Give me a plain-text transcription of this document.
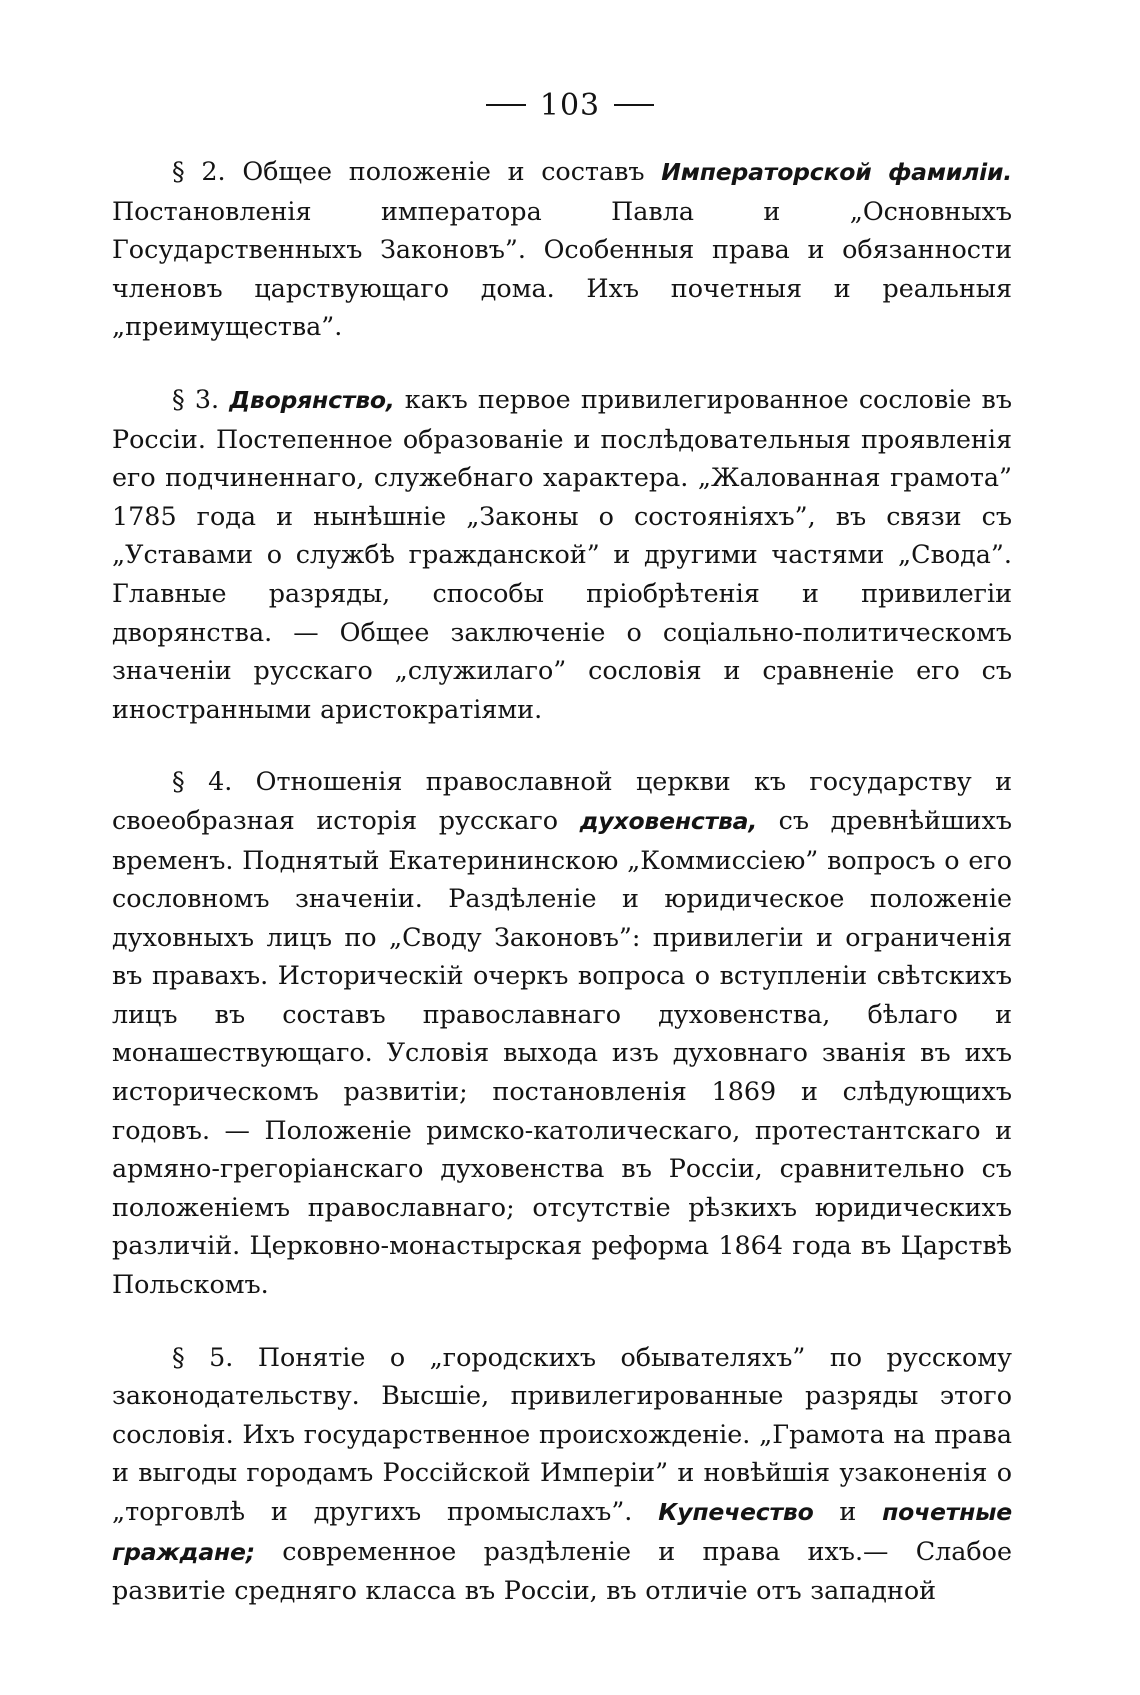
103

§ 2. Общее положеніе и составъ Императорской фамиліи. Постановленія императора Павла и „Основныхъ Государственныхъ Законовъ”. Особенныя права и обязанности членовъ царствующаго дома. Ихъ почетныя и реальныя „преимущества”.

§ 3. Дворянство, какъ первое привилегированное сословіе въ Россіи. Постепенное образованіе и послѣдовательныя проявленія его подчиненнаго, служебнаго характера. „Жалованная грамота” 1785 года и нынѣшніе „Законы о состояніяхъ”, въ связи съ „Уставами о службѣ гражданской” и другими частями „Свода”. Главные разряды, способы пріобрѣтенія и привилегіи дворянства. — Общее заключеніе о соціально-политическомъ значеніи русскаго „служилаго” сословія и сравненіе его съ иностранными аристократіями.

§ 4. Отношенія православной церкви къ государству и своеобразная исторія русскаго духовенства, съ древнѣйшихъ временъ. Поднятый Екатерининскою „Коммиссіею” вопросъ о его сословномъ значеніи. Раздѣленіе и юридическое положеніе духовныхъ лицъ по „Своду Законовъ”: привилегіи и ограниченія въ правахъ. Историческій очеркъ вопроса о вступленіи свѣтскихъ лицъ въ составъ православнаго духовенства, бѣлаго и монашествующаго. Условія выхода изъ духовнаго званія въ ихъ историческомъ развитіи; постановленія 1869 и слѣдующихъ годовъ. — Положеніе римско-католическаго, протестантскаго и армяно-грегоріанскаго духовенства въ Россіи, сравнительно съ положеніемъ православнаго; отсутствіе рѣзкихъ юридическихъ различій. Церковно-монастырская реформа 1864 года въ Царствѣ Польскомъ.

§ 5. Понятіе о „городскихъ обывателяхъ” по русскому законодательству. Высшіе, привилегированные разряды этого сословія. Ихъ государственное происхожденіе. „Грамота на права и выгоды городамъ Россійской Имперіи” и новѣйшія узаконенія о „торговлѣ и другихъ промыслахъ”. Купечество и почетные граждане; современное раздѣленіе и права ихъ.— Слабое развитіе средняго класса въ Россіи, въ отличіе отъ западной
